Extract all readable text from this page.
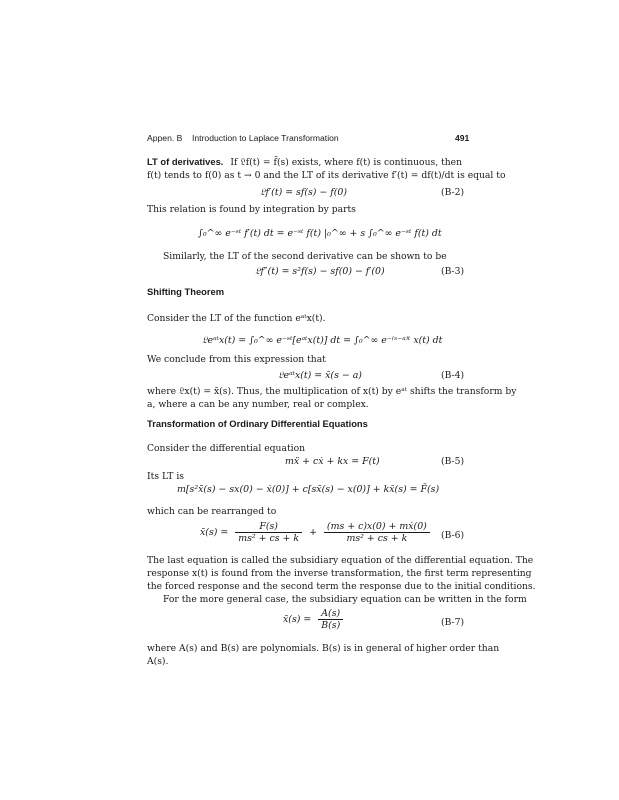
Appen. B Introduction to Laplace Transformation	491
LT of derivatives. If 𝔏f(t) = f̄(s) exists, where f(t) is continuous, then
f(t) tends to f(0) as t → 0 and the LT of its derivative f′(t) = df(t)/dt is equal to
𝔏f′(t) = sf(s) − f(0)	(B-2)
This relation is found by integration by parts
∫₀^∞ e⁻ˢᵗ f′(t) dt = e⁻ˢᵗ f(t) |₀^∞ + s ∫₀^∞ e⁻ˢᵗ f(t) dt
Similarly, the LT of the second derivative can be shown to be
𝔏f″(t) = s²f(s) − sf(0) − f′(0)	(B-3)
Shifting Theorem
Consider the LT of the function eᵃᵗx(t).
𝔏eᵃᵗx(t) = ∫₀^∞ e⁻ˢᵗ[eᵃᵗx(t)] dt = ∫₀^∞ e⁻⁽ˢ⁻ᵃ⁾ᵗ x(t) dt
We conclude from this expression that
𝔏eᵃᵗx(t) = x̄(s − a)	(B-4)
where 𝔏x(t) = x̄(s). Thus, the multiplication of x(t) by eᵃᵗ shifts the transform by
a, where a can be any number, real or complex.
Transformation of Ordinary Differential Equations
Consider the differential equation
mẍ + cẋ + kx = F(t)	(B-5)
Its LT is
m[s²x̄(s) − sx(0) − ẋ(0)] + c[sx̄(s) − x(0)] + kx̄(s) = F̄(s)
which can be rearranged to
x̄(s) = $\frac{F(s)}{\text{ms² + cs + k}} + \frac{\text{(ms + c)x(0) + mẋ(0)}}{\text{ms² + cs + k}} (B-6)$
The last equation is called the subsidiary equation of the differential equation. The
response x(t) is found from the inverse transformation, the first term representing
the forced response and the second term the response due to the initial conditions.
For the more general case, the subsidiary equation can be written in the form
x̄(s) = $\frac{A(s)}{B(s)}$	(B-7)
where A(s) and B(s) are polynomials. B(s) is in general of higher order than
A(s).
